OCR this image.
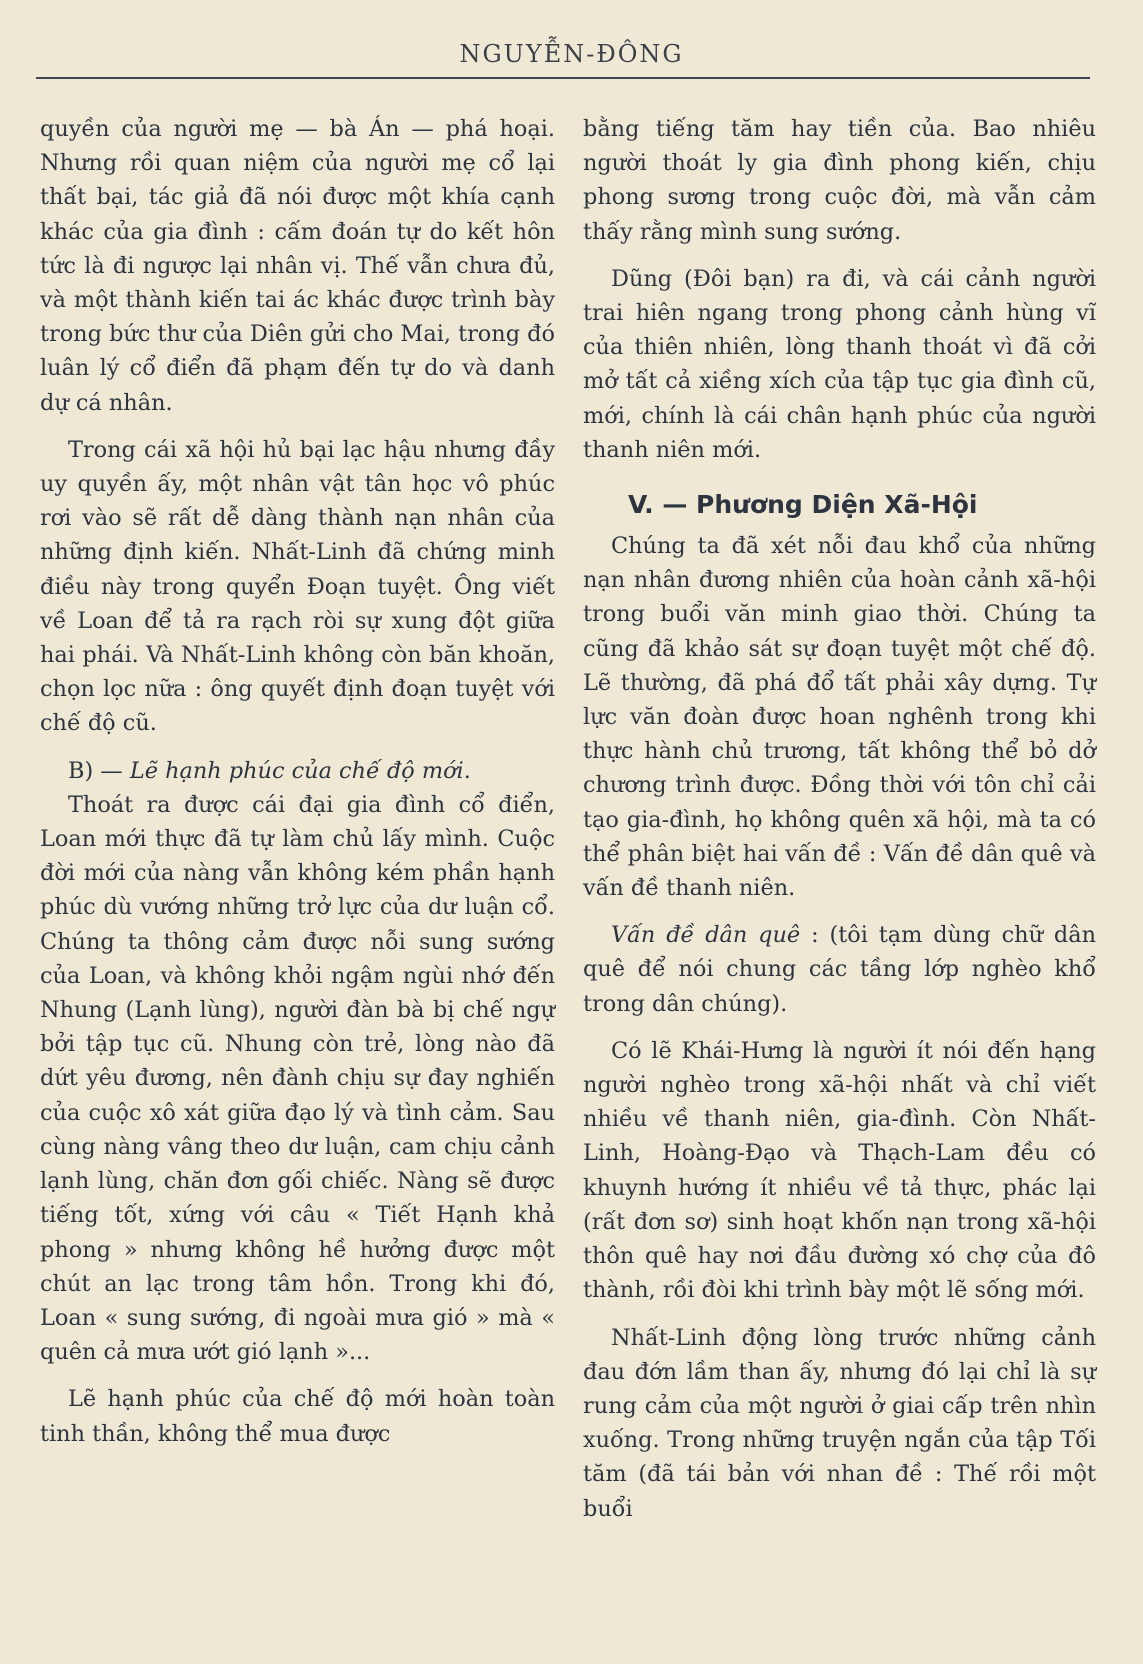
NGUYỄN-ĐÔNG

quyền của người mẹ — bà Án — phá hoại. Nhưng rồi quan niệm của người mẹ cổ lại thất bại, tác giả đã nói được một khía cạnh khác của gia đình : cấm đoán tự do kết hôn tức là đi ngược lại nhân vị. Thế vẫn chưa đủ, và một thành kiến tai ác khác được trình bày trong bức thư của Diên gửi cho Mai, trong đó luân lý cổ điển đã phạm đến tự do và danh dự cá nhân.

Trong cái xã hội hủ bại lạc hậu nhưng đầy uy quyền ấy, một nhân vật tân học vô phúc rơi vào sẽ rất dễ dàng thành nạn nhân của những định kiến. Nhất-Linh đã chứng minh điều này trong quyển Đoạn tuyệt. Ông viết về Loan để tả ra rạch ròi sự xung đột giữa hai phái. Và Nhất-Linh không còn băn khoăn, chọn lọc nữa : ông quyết định đoạn tuyệt với chế độ cũ.

B) — Lẽ hạnh phúc của chế độ mới.

Thoát ra được cái đại gia đình cổ điển, Loan mới thực đã tự làm chủ lấy mình. Cuộc đời mới của nàng vẫn không kém phần hạnh phúc dù vướng những trở lực của dư luận cổ. Chúng ta thông cảm được nỗi sung sướng của Loan, và không khỏi ngậm ngùi nhớ đến Nhung (Lạnh lùng), người đàn bà bị chế ngự bởi tập tục cũ. Nhung còn trẻ, lòng nào đã dứt yêu đương, nên đành chịu sự đay nghiến của cuộc xô xát giữa đạo lý và tình cảm. Sau cùng nàng vâng theo dư luận, cam chịu cảnh lạnh lùng, chăn đơn gối chiếc. Nàng sẽ được tiếng tốt, xứng với câu « Tiết Hạnh khả phong » nhưng không hề hưởng được một chút an lạc trong tâm hồn. Trong khi đó, Loan « sung sướng, đi ngoài mưa gió » mà « quên cả mưa ướt gió lạnh »...

Lẽ hạnh phúc của chế độ mới hoàn toàn tinh thần, không thể mua được

bằng tiếng tăm hay tiền của. Bao nhiêu người thoát ly gia đình phong kiến, chịu phong sương trong cuộc đời, mà vẫn cảm thấy rằng mình sung sướng.

Dũng (Đôi bạn) ra đi, và cái cảnh người trai hiên ngang trong phong cảnh hùng vĩ của thiên nhiên, lòng thanh thoát vì đã cởi mở tất cả xiềng xích của tập tục gia đình cũ, mới, chính là cái chân hạnh phúc của người thanh niên mới.

V. — Phương Diện Xã-Hội

Chúng ta đã xét nỗi đau khổ của những nạn nhân đương nhiên của hoàn cảnh xã-hội trong buổi văn minh giao thời. Chúng ta cũng đã khảo sát sự đoạn tuyệt một chế độ. Lẽ thường, đã phá đổ tất phải xây dựng. Tự lực văn đoàn được hoan nghênh trong khi thực hành chủ trương, tất không thể bỏ dở chương trình được. Đồng thời với tôn chỉ cải tạo gia-đình, họ không quên xã hội, mà ta có thể phân biệt hai vấn đề : Vấn đề dân quê và vấn đề thanh niên.

Vấn đề dân quê : (tôi tạm dùng chữ dân quê để nói chung các tầng lớp nghèo khổ trong dân chúng).

Có lẽ Khái-Hưng là người ít nói đến hạng người nghèo trong xã-hội nhất và chỉ viết nhiều về thanh niên, gia-đình. Còn Nhất-Linh, Hoàng-Đạo và Thạch-Lam đều có khuynh hướng ít nhiều về tả thực, phác lại (rất đơn sơ) sinh hoạt khốn nạn trong xã-hội thôn quê hay nơi đầu đường xó chợ của đô thành, rồi đòi khi trình bày một lẽ sống mới.

Nhất-Linh động lòng trước những cảnh đau đớn lầm than ấy, nhưng đó lại chỉ là sự rung cảm của một người ở giai cấp trên nhìn xuống. Trong những truyện ngắn của tập Tối tăm (đã tái bản với nhan đề : Thế rồi một buổi
